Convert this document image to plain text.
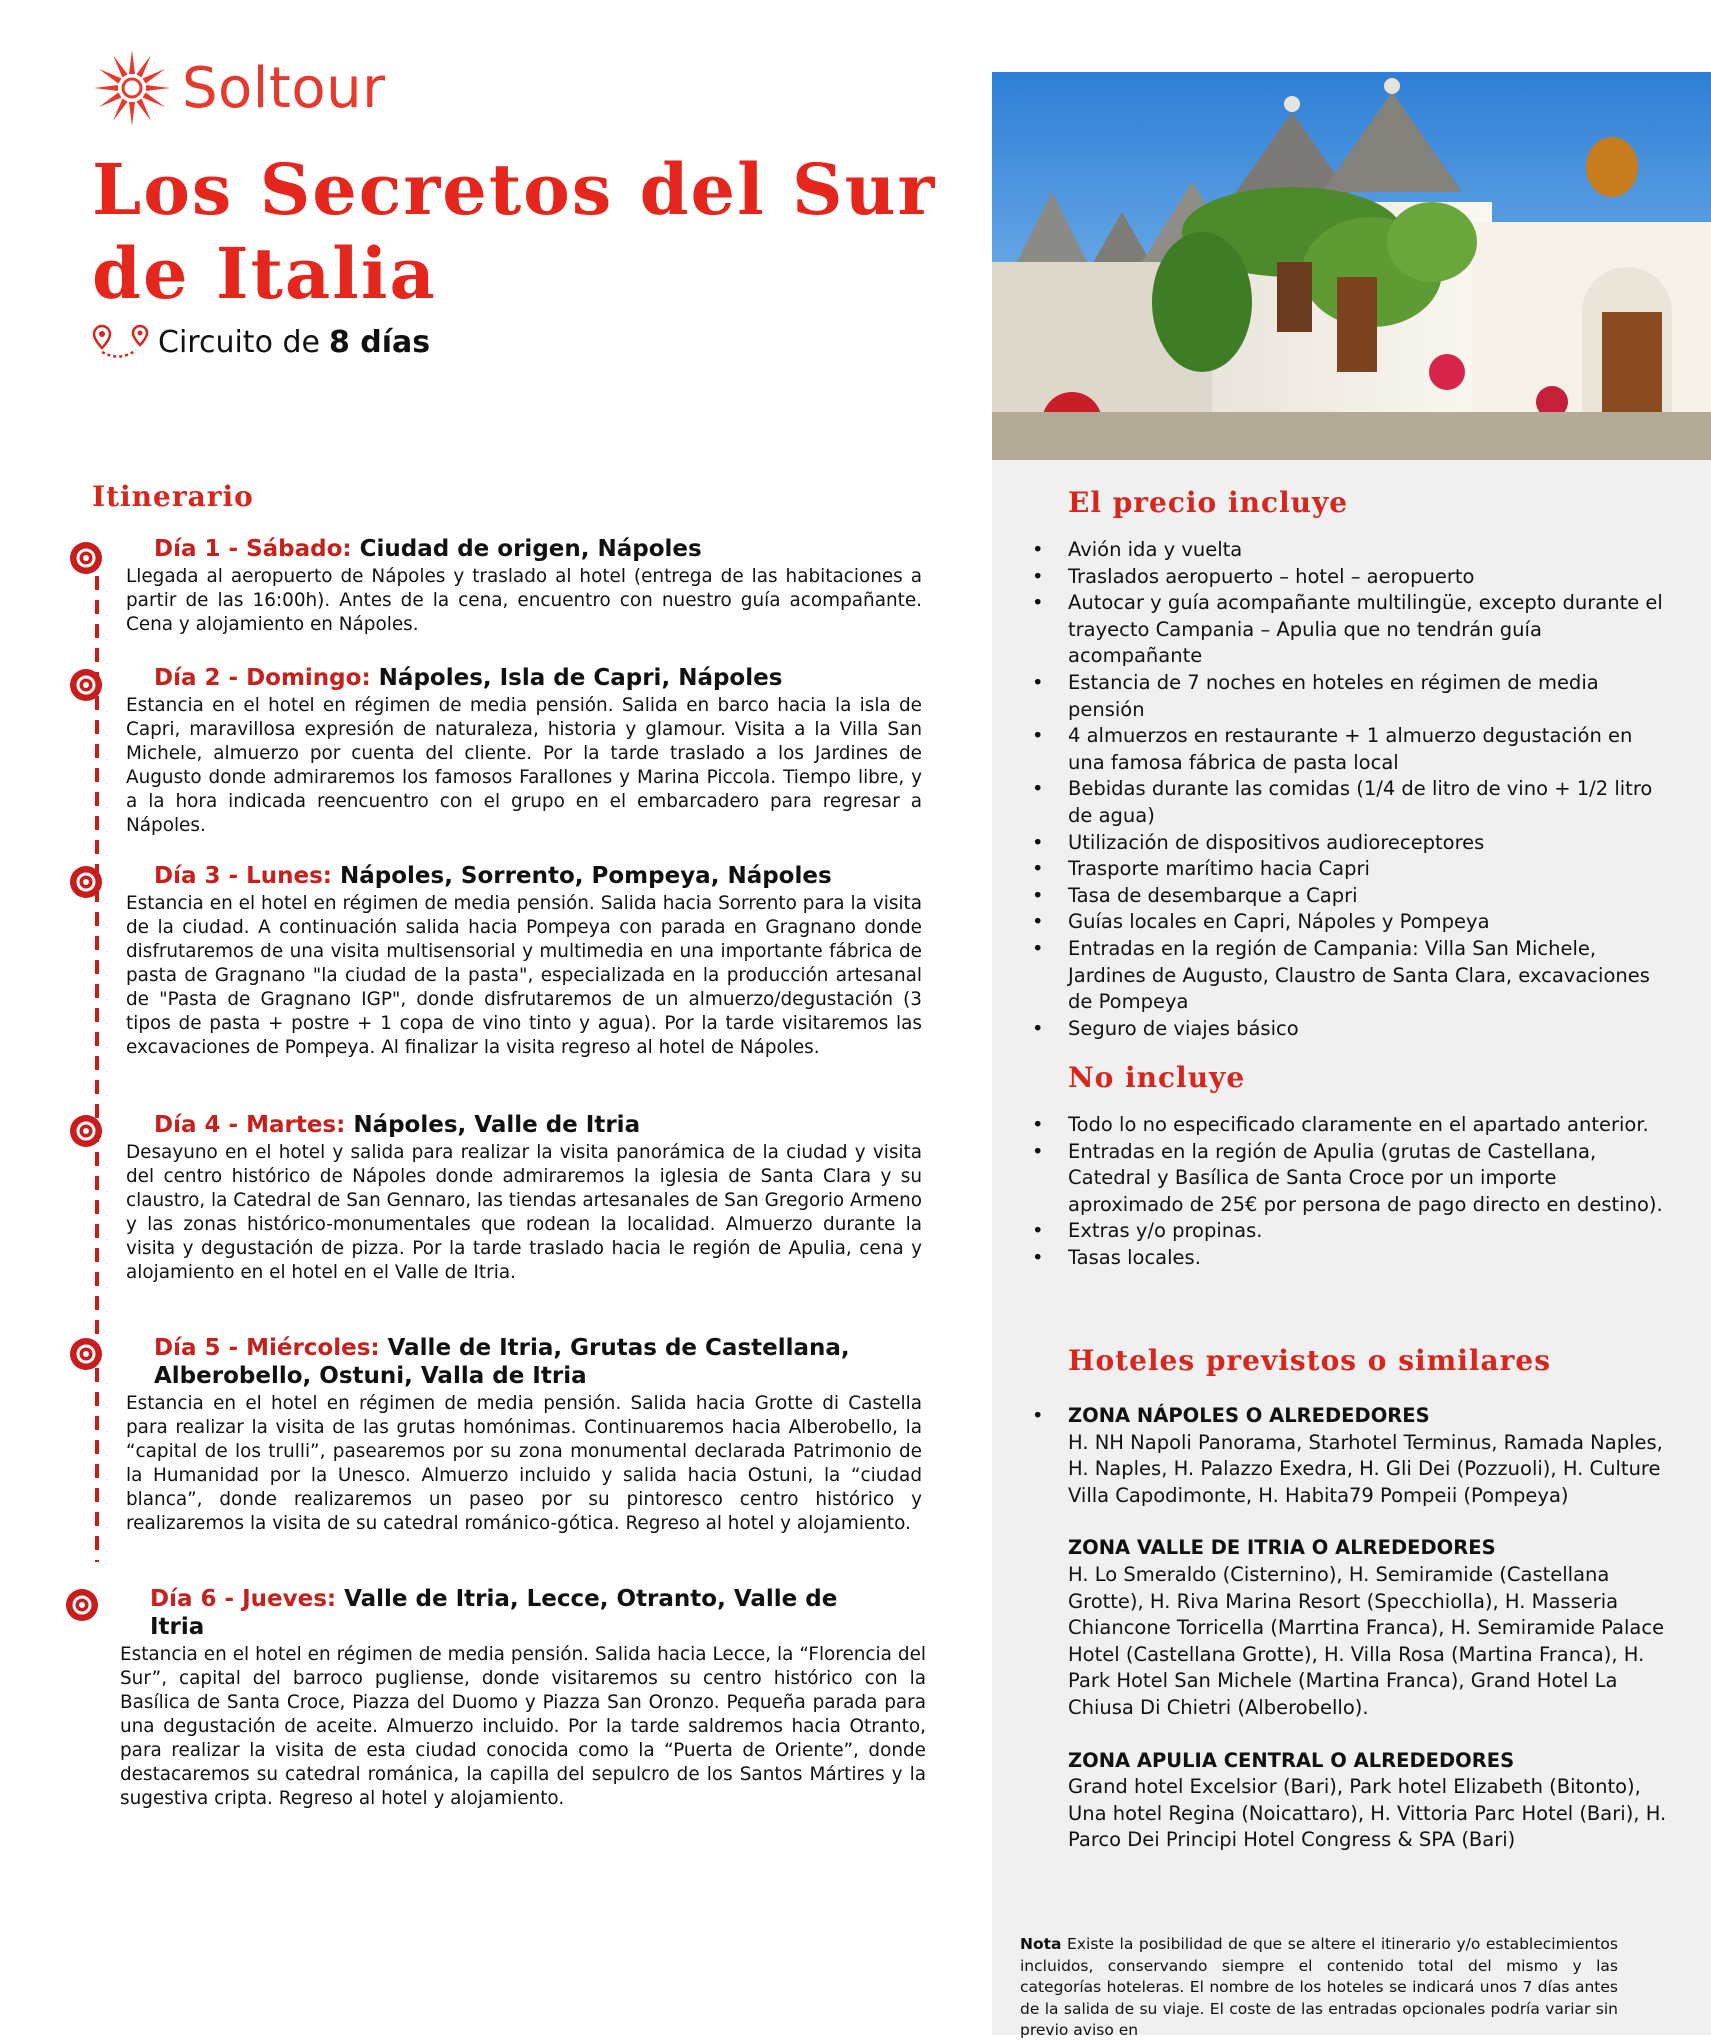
Soltour
Los Secretos del Sur
de Italia
Circuito de 8 días
Itinerario
Día 1 - Sábado: Ciudad de origen, Nápoles
Llegada al aeropuerto de Nápoles y traslado al hotel (entrega de las habitaciones a partir de las 16:00h). Antes de la cena, encuentro con nuestro guía acompañante. Cena y alojamiento en Nápoles.
Día 2 - Domingo: Nápoles, Isla de Capri, Nápoles
Estancia en el hotel en régimen de media pensión. Salida en barco hacia la isla de Capri, maravillosa expresión de naturaleza, historia y glamour. Visita a la Villa San Michele, almuerzo por cuenta del cliente. Por la tarde traslado a los Jardines de Augusto donde admiraremos los famosos Farallones y Marina Piccola. Tiempo libre, y a la hora indicada reencuentro con el grupo en el embarcadero para regresar a Nápoles.
Día 3 - Lunes: Nápoles, Sorrento, Pompeya, Nápoles
Estancia en el hotel en régimen de media pensión. Salida hacia Sorrento para la visita de la ciudad. A continuación salida hacia Pompeya con parada en Gragnano donde disfrutaremos de una visita multisensorial y multimedia en una importante fábrica de pasta de Gragnano "la ciudad de la pasta", especializada en la producción artesanal de "Pasta de Gragnano IGP", donde disfrutaremos de un almuerzo/degustación (3 tipos de pasta + postre + 1 copa de vino tinto y agua). Por la tarde visitaremos las excavaciones de Pompeya. Al finalizar la visita regreso al hotel de Nápoles.
Día 4 - Martes: Nápoles, Valle de Itria
Desayuno en el hotel y salida para realizar la visita panorámica de la ciudad y visita del centro histórico de Nápoles donde admiraremos la iglesia de Santa Clara y su claustro, la Catedral de San Gennaro, las tiendas artesanales de San Gregorio Armeno y las zonas histórico-monumentales que rodean la localidad. Almuerzo durante la visita y degustación de pizza. Por la tarde traslado hacia le región de Apulia, cena y alojamiento en el hotel en el Valle de Itria.
Día 5 - Miércoles: Valle de Itria, Grutas de Castellana, Alberobello, Ostuni, Valla de Itria
Estancia en el hotel en régimen de media pensión. Salida hacia Grotte di Castella para realizar la visita de las grutas homónimas. Continuaremos hacia Alberobello, la “capital de los trulli”, pasearemos por su zona monumental declarada Patrimonio de la Humanidad por la Unesco. Almuerzo incluido y salida hacia Ostuni, la “ciudad blanca”, donde realizaremos un paseo por su pintoresco centro histórico y realizaremos la visita de su catedral románico-gótica. Regreso al hotel y alojamiento.
Día 6 - Jueves: Valle de Itria, Lecce, Otranto, Valle de Itria
Estancia en el hotel en régimen de media pensión. Salida hacia Lecce, la “Florencia del Sur”, capital del barroco pugliense, donde visitaremos su centro histórico con la Basílica de Santa Croce, Piazza del Duomo y Piazza San Oronzo. Pequeña parada para una degustación de aceite. Almuerzo incluido. Por la tarde saldremos hacia Otranto, para realizar la visita de esta ciudad conocida como la “Puerta de Oriente”, donde destacaremos su catedral románica, la capilla del sepulcro de los Santos Mártires y la sugestiva cripta. Regreso al hotel y alojamiento.
El precio incluye
• Avión ida y vuelta
• Traslados aeropuerto – hotel – aeropuerto
• Autocar y guía acompañante multilingüe, excepto durante el trayecto Campania – Apulia que no tendrán guía acompañante
• Estancia de 7 noches en hoteles en régimen de media pensión
• 4 almuerzos en restaurante + 1 almuerzo degustación en una famosa fábrica de pasta local
• Bebidas durante las comidas (1/4 de litro de vino + 1/2 litro de agua)
• Utilización de dispositivos audioreceptores
• Trasporte marítimo hacia Capri
• Tasa de desembarque a Capri
• Guías locales en Capri, Nápoles y Pompeya
• Entradas en la región de Campania: Villa San Michele, Jardines de Augusto, Claustro de Santa Clara, excavaciones de Pompeya
• Seguro de viajes básico
No incluye
• Todo lo no especificado claramente en el apartado anterior.
• Entradas en la región de Apulia (grutas de Castellana, Catedral y Basílica de Santa Croce por un importe aproximado de 25€ por persona de pago directo en destino).
• Extras y/o propinas.
• Tasas locales.
Hoteles previstos o similares
• ZONA NÁPOLES O ALREDEDORES
H. NH Napoli Panorama, Starhotel Terminus, Ramada Naples, H. Naples, H. Palazzo Exedra, H. Gli Dei (Pozzuoli), H. Culture Villa Capodimonte, H. Habita79 Pompeii (Pompeya)
ZONA VALLE DE ITRIA O ALREDEDORES
H. Lo Smeraldo (Cisternino), H. Semiramide (Castellana Grotte), H. Riva Marina Resort (Specchiolla), H. Masseria Chiancone Torricella (Marrtina Franca), H. Semiramide Palace Hotel (Castellana Grotte), H. Villa Rosa (Martina Franca), H. Park Hotel San Michele (Martina Franca), Grand Hotel La Chiusa Di Chietri (Alberobello).
ZONA APULIA CENTRAL O ALREDEDORES
Grand hotel Excelsior (Bari), Park hotel Elizabeth (Bitonto), Una hotel Regina (Noicattaro), H. Vittoria Parc Hotel (Bari), H. Parco Dei Principi Hotel Congress & SPA (Bari)
Nota Existe la posibilidad de que se altere el itinerario y/o establecimientos incluidos, conservando siempre el contenido total del mismo y las categorías hoteleras. El nombre de los hoteles se indicará unos 7 días antes de la salida de su viaje. El coste de las entradas opcionales podría variar sin previo aviso en
